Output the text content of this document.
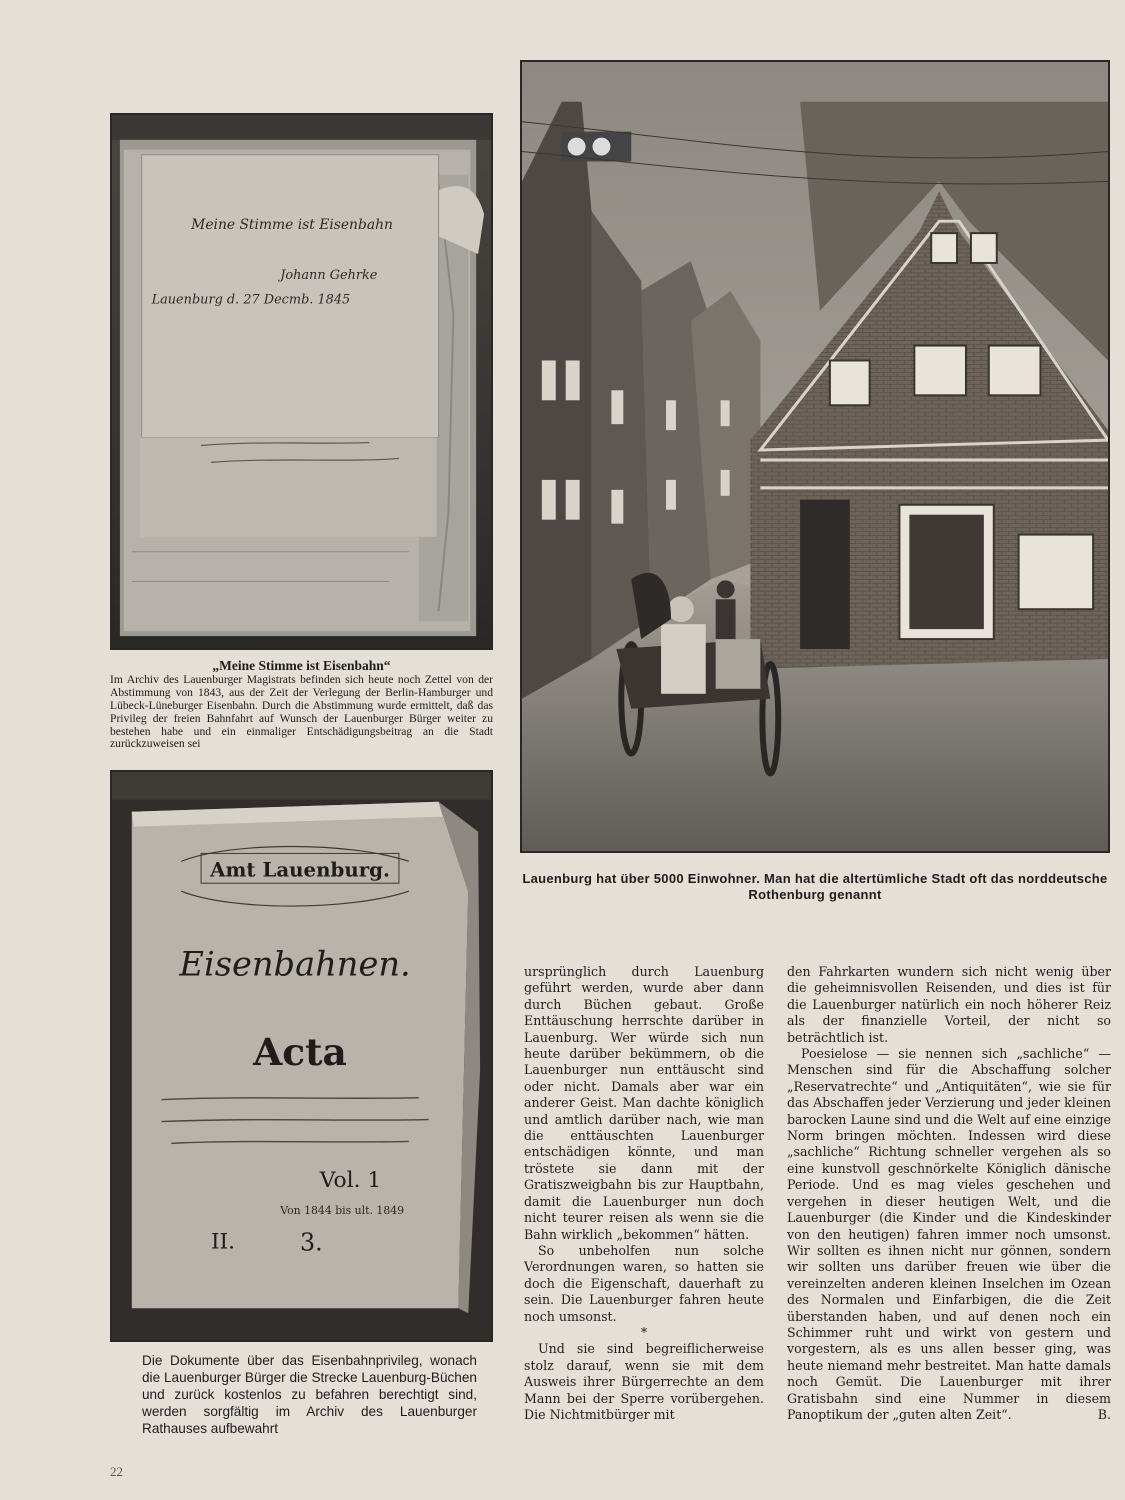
Meine Stimme ist Eisenbahn
Johann Gehrke
Lauenburg d. 27 Decmb. 1845
„Meine Stimme ist Eisenbahn“
Im Archiv des Lauenburger Magistrats befinden sich heute noch Zettel von der Abstimmung von 1843, aus der Zeit der Verlegung der Berlin-Hamburger und Lübeck-Lüneburger Eisenbahn. Durch die Abstimmung wurde ermittelt, daß das Privileg der freien Bahnfahrt auf Wunsch der Lauenburger Bürger weiter zu bestehen habe und ein einmaliger Entschädigungsbeitrag an die Stadt zurückzuweisen sei
Lauenburg hat über 5000 Einwohner. Man hat die altertümliche Stadt oft das norddeutsche Rothenburg genannt
Amt Lauenburg.
Eisenbahnen.
Acta
Vol. 1
Von 1844 bis ult. 1849
II.	3.
Die Dokumente über das Eisenbahnprivileg, wonach die Lauenburger Bürger die Strecke Lauenburg-Büchen und zurück kostenlos zu befahren berechtigt sind, werden sorgfältig im Archiv des Lauenburger Rathauses aufbewahrt

ursprünglich durch Lauenburg geführt werden, wurde aber dann durch Büchen gebaut. Große Enttäuschung herrschte darüber in Lauenburg. Wer würde sich nun heute darüber bekümmern, ob die Lauenburger nun enttäuscht sind oder nicht. Damals aber war ein anderer Geist. Man dachte königlich und amtlich darüber nach, wie man die enttäuschten Lauenburger entschädigen könnte, und man tröstete sie dann mit der Gratiszweigbahn bis zur Hauptbahn, damit die Lauenburger nun doch nicht teurer reisen als wenn sie die Bahn wirklich „bekommen“ hätten.

So unbeholfen nun solche Verordnungen waren, so hatten sie doch die Eigenschaft, dauerhaft zu sein. Die Lauenburger fahren heute noch umsonst.

*

Und sie sind begreiflicherweise stolz darauf, wenn sie mit dem Ausweis ihrer Bürgerrechte an dem Mann bei der Sperre vorübergehen. Die Nichtmitbürger mit

den Fahrkarten wundern sich nicht wenig über die geheimnisvollen Reisenden, und dies ist für die Lauenburger natürlich ein noch höherer Reiz als der finanzielle Vorteil, der nicht so beträchtlich ist.

Poesielose — sie nennen sich „sachliche“ — Menschen sind für die Abschaffung solcher „Reservatrechte“ und „Antiquitäten“, wie sie für das Abschaffen jeder Verzierung und jeder kleinen barocken Laune sind und die Welt auf eine einzige Norm bringen möchten. Indessen wird diese „sachliche“ Richtung schneller vergehen als so eine kunstvoll geschnörkelte Königlich dänische Periode. Und es mag vieles geschehen und vergehen in dieser heutigen Welt, und die Lauenburger (die Kinder und die Kindeskinder von den heutigen) fahren immer noch umsonst. Wir sollten es ihnen nicht nur gönnen, sondern wir sollten uns darüber freuen wie über die vereinzelten anderen kleinen Inselchen im Ozean des Normalen und Einfarbigen, die die Zeit überstanden haben, und auf denen noch ein Schimmer ruht und wirkt von gestern und vorgestern, als es uns allen besser ging, was heute niemand mehr bestreitet. Man hatte damals noch Gemüt. Die Lauenburger mit ihrer Gratisbahn sind eine Nummer in diesem Panoptikum der „guten alten Zeit“.	B.

22
